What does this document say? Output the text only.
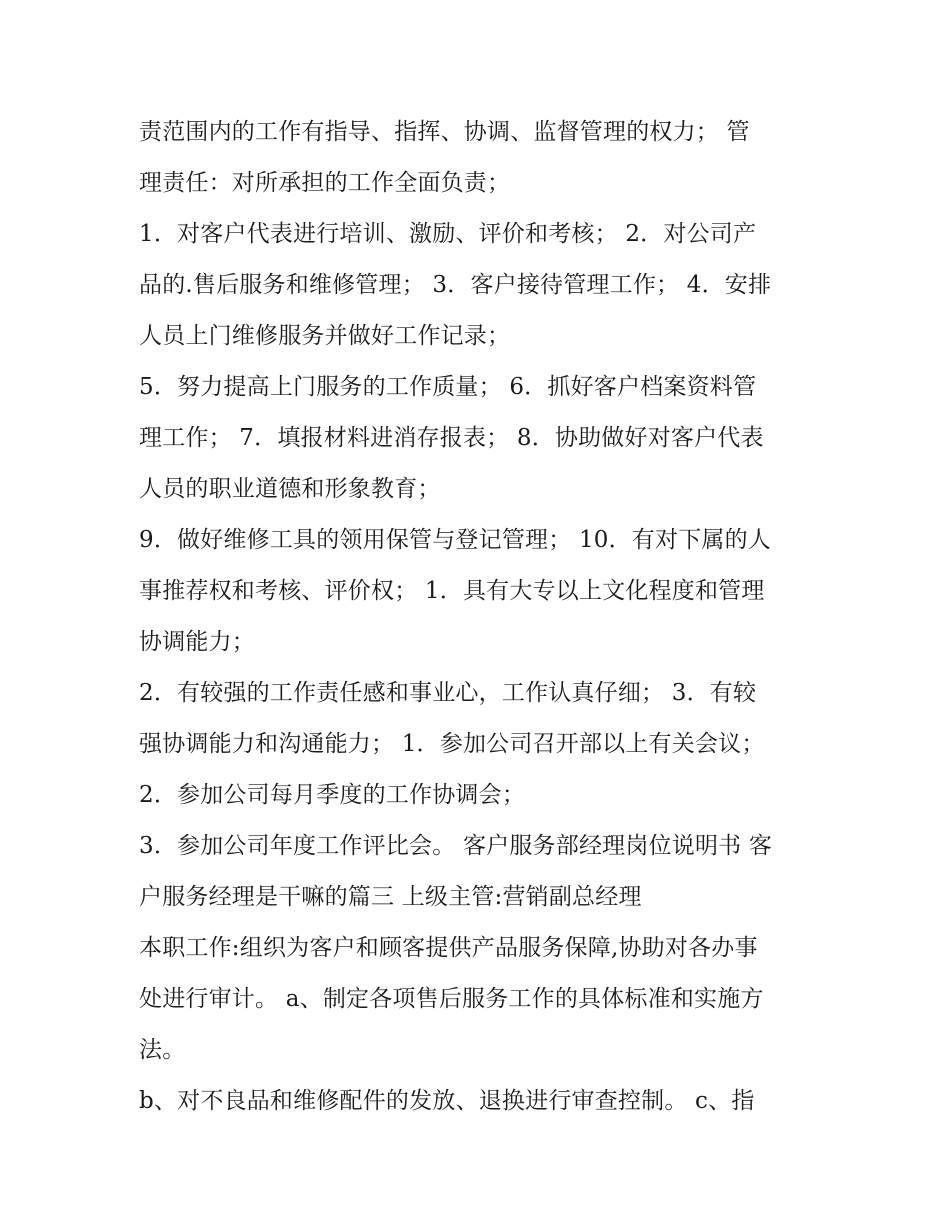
责范围内的工作有指导、指挥、协调、监督管理的权力； 管
理责任：对所承担的工作全面负责；
1．对客户代表进行培训、激励、评价和考核； 2．对公司产
品的.售后服务和维修管理； 3．客户接待管理工作； 4．安排
人员上门维修服务并做好工作记录；
5．努力提高上门服务的工作质量； 6．抓好客户档案资料管
理工作； 7．填报材料进消存报表； 8．协助做好对客户代表
人员的职业道德和形象教育；
9．做好维修工具的领用保管与登记管理； 10．有对下属的人
事推荐权和考核、评价权； 1．具有大专以上文化程度和管理
协调能力；
2．有较强的工作责任感和事业心，工作认真仔细； 3．有较
强协调能力和沟通能力； 1．参加公司召开部以上有关会议；
2．参加公司每月季度的工作协调会；
3．参加公司年度工作评比会。 客户服务部经理岗位说明书 客
户服务经理是干嘛的篇三 上级主管:营销副总经理
本职工作:组织为客户和顾客提供产品服务保障,协助对各办事
处进行审计。 a、制定各项售后服务工作的具体标准和实施方
法。
b、对不良品和维修配件的发放、退换进行审查控制。 c、指
